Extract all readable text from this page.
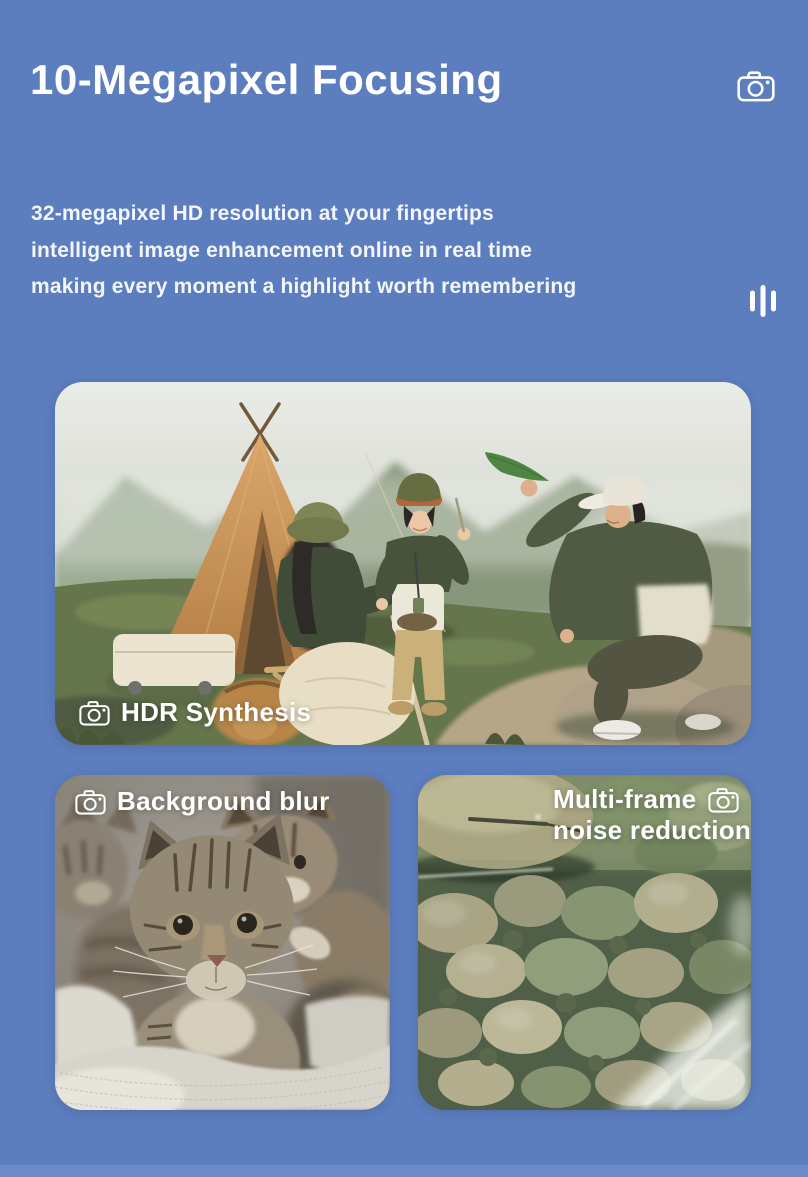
10-Megapixel Focusing

32-megapixel HD resolution at your fingertips

intelligent image enhancement online in real time

making every moment a highlight worth remembering

HDR Synthesis
Background blur	Multi-frame
noise reduction
